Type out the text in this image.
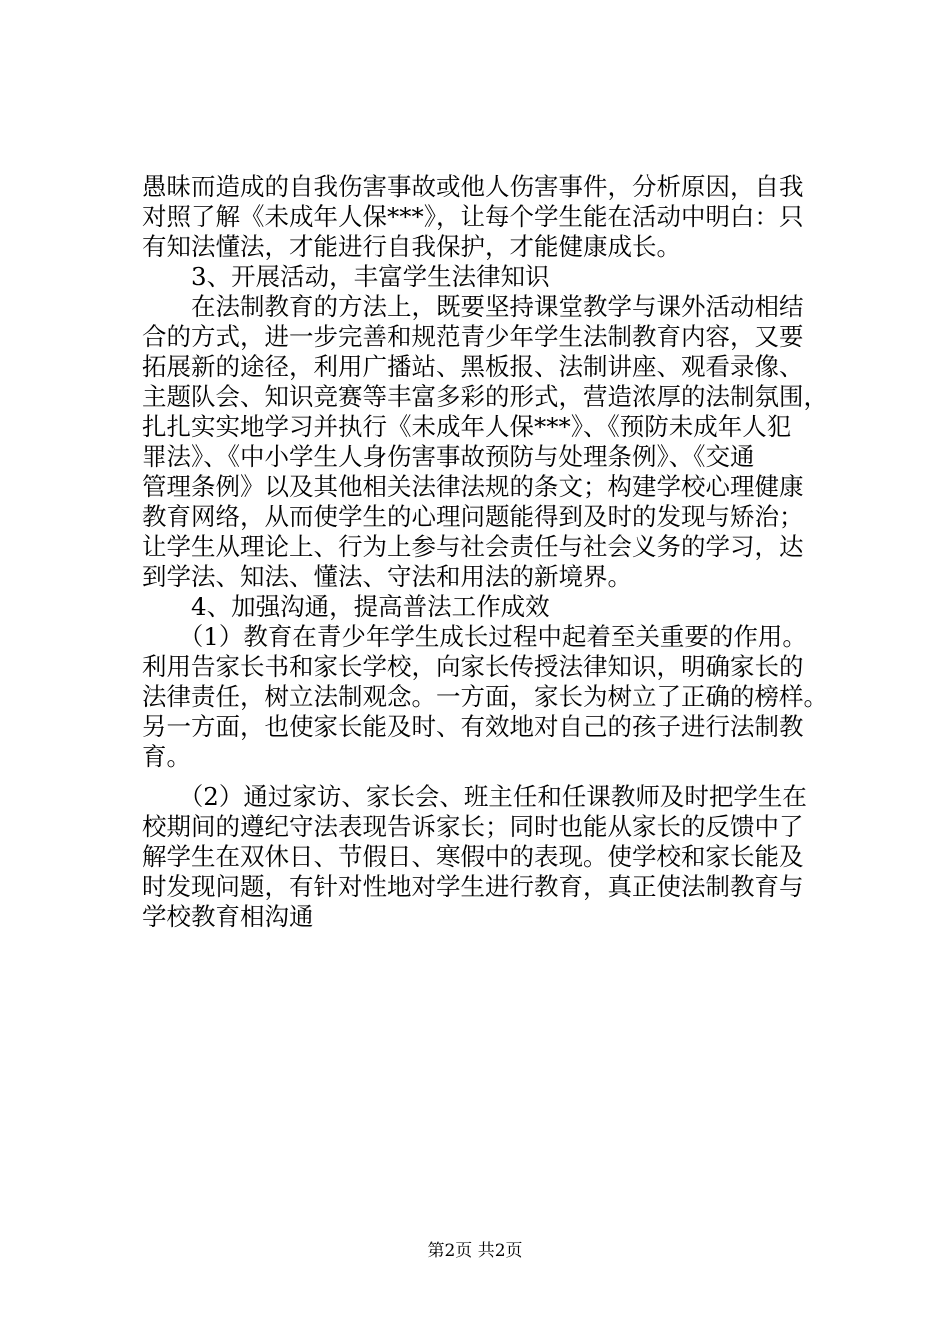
愚昧而造成的自我伤害事故或他人伤害事件，分析原因，自我
对照了解《未成年人保***》，让每个学生能在活动中明白：只
有知法懂法，才能进行自我保护，才能健康成长。
　　3、开展活动，丰富学生法律知识
　　在法制教育的方法上，既要坚持课堂教学与课外活动相结
合的方式，进一步完善和规范青少年学生法制教育内容，又要
拓展新的途径，利用广播站、黑板报、法制讲座、观看录像、
主题队会、知识竞赛等丰富多彩的形式，营造浓厚的法制氛围，
扎扎实实地学习并执行《未成年人保***》、《预防未成年人犯
罪法》、《中小学生人身伤害事故预防与处理条例》、《交通
管理条例》以及其他相关法律法规的条文；构建学校心理健康
教育网络，从而使学生的心理问题能得到及时的发现与矫治；
让学生从理论上、行为上参与社会责任与社会义务的学习，达
到学法、知法、懂法、守法和用法的新境界。
　　4、加强沟通，提高普法工作成效
　　（1）教育在青少年学生成长过程中起着至关重要的作用。
利用告家长书和家长学校，向家长传授法律知识，明确家长的
法律责任，树立法制观念。一方面，家长为树立了正确的榜样。
另一方面，也使家长能及时、有效地对自己的孩子进行法制教
育。
　　（2）通过家访、家长会、班主任和任课教师及时把学生在
校期间的遵纪守法表现告诉家长；同时也能从家长的反馈中了
解学生在双休日、节假日、寒假中的表现。使学校和家长能及
时发现问题，有针对性地对学生进行教育，真正使法制教育与
学校教育相沟通
第2页 共2页
